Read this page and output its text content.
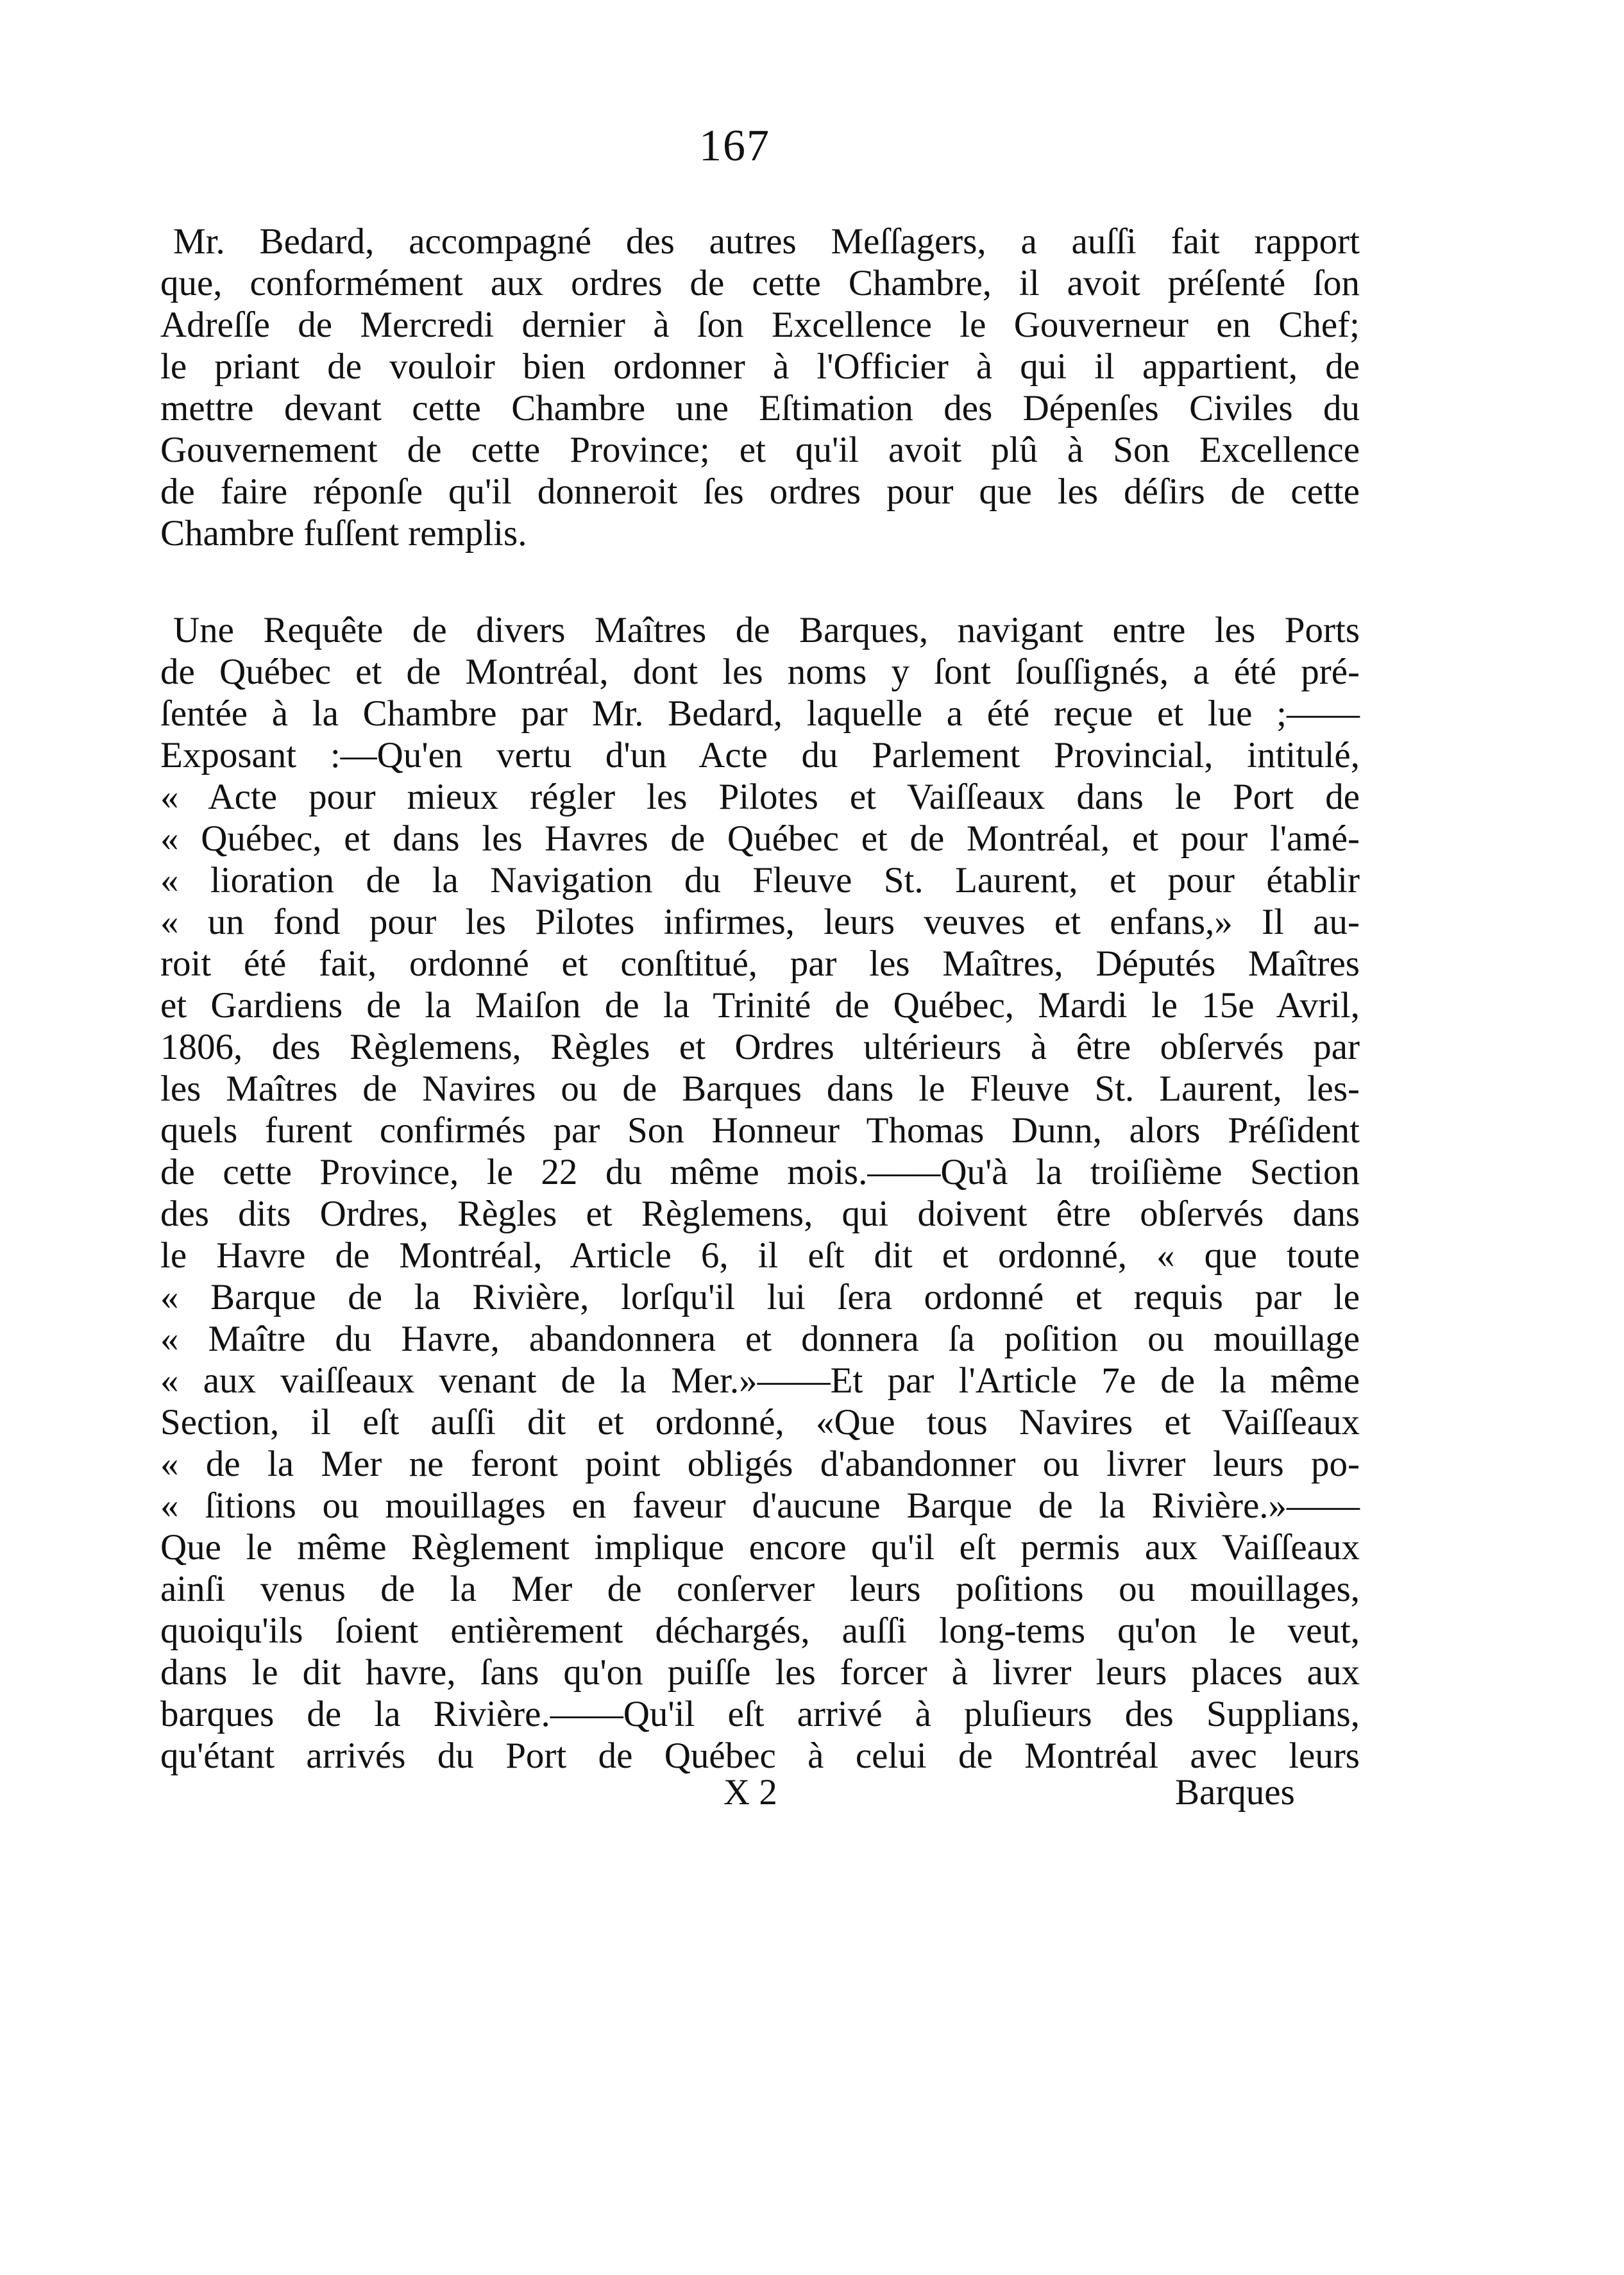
167
Mr. Bedard, accompagné des autres Meſſagers, a auſſi fait rapport
que, conformément aux ordres de cette Chambre, il avoit préſenté ſon
Adreſſe de Mercredi dernier à ſon Excellence le Gouverneur en Chef;
le priant de vouloir bien ordonner à l'Officier à qui il appartient, de
mettre devant cette Chambre une Eſtimation des Dépenſes Civiles du
Gouvernement de cette Province; et qu'il avoit plû à Son Excellence
de faire réponſe qu'il donneroit ſes ordres pour que les déſirs de cette
Chambre fuſſent remplis.
Une Requête de divers Maîtres de Barques, navigant entre les Ports
de Québec et de Montréal, dont les noms y ſont ſouſſignés, a été pré-
ſentée à la Chambre par Mr. Bedard, laquelle a été reçue et lue ;——
Exposant :—Qu'en vertu d'un Acte du Parlement Provincial, intitulé,
« Acte pour mieux régler les Pilotes et Vaiſſeaux dans le Port de
« Québec, et dans les Havres de Québec et de Montréal, et pour l'amé-
« lioration de la Navigation du Fleuve St. Laurent, et pour établir
« un fond pour les Pilotes infirmes, leurs veuves et enfans,» Il au-
roit été fait, ordonné et conſtitué, par les Maîtres, Députés Maîtres
et Gardiens de la Maiſon de la Trinité de Québec, Mardi le 15e Avril,
1806, des Règlemens, Règles et Ordres ultérieurs à être obſervés par
les Maîtres de Navires ou de Barques dans le Fleuve St. Laurent, les-
quels furent confirmés par Son Honneur Thomas Dunn, alors Préſident
de cette Province, le 22 du même mois.——Qu'à la troiſième Section
des dits Ordres, Règles et Règlemens, qui doivent être obſervés dans
le Havre de Montréal, Article 6, il eſt dit et ordonné, « que toute
« Barque de la Rivière, lorſqu'il lui ſera ordonné et requis par le
« Maître du Havre, abandonnera et donnera ſa poſition ou mouillage
« aux vaiſſeaux venant de la Mer.»——Et par l'Article 7e de la même
Section, il eſt auſſi dit et ordonné, «Que tous Navires et Vaiſſeaux
« de la Mer ne feront point obligés d'abandonner ou livrer leurs po-
« ſitions ou mouillages en faveur d'aucune Barque de la Rivière.»——
Que le même Règlement implique encore qu'il eſt permis aux Vaiſſeaux
ainſi venus de la Mer de conſerver leurs poſitions ou mouillages,
quoiqu'ils ſoient entièrement déchargés, auſſi long-tems qu'on le veut,
dans le dit havre, ſans qu'on puiſſe les forcer à livrer leurs places aux
barques de la Rivière.——Qu'il eſt arrivé à pluſieurs des Supplians,
qu'étant arrivés du Port de Québec à celui de Montréal avec leurs
X 2	Barques
